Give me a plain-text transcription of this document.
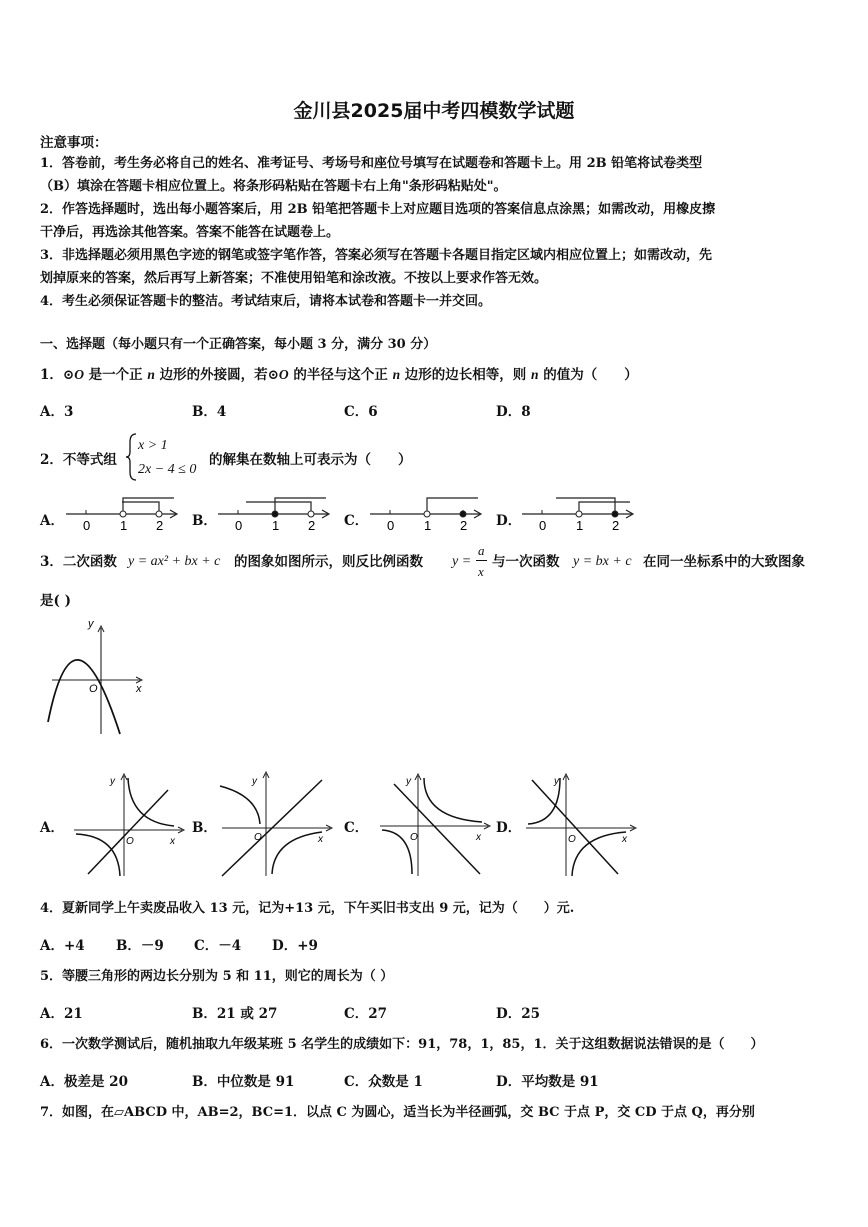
金川县2025届中考四模数学试题
注意事项：
1．答卷前，考生务必将自己的姓名、准考证号、考场号和座位号填写在试题卷和答题卡上。用 2B 铅笔将试卷类型
（B）填涂在答题卡相应位置上。将条形码粘贴在答题卡右上角"条形码粘贴处"。
2．作答选择题时，选出每小题答案后，用 2B 铅笔把答题卡上对应题目选项的答案信息点涂黑；如需改动，用橡皮擦
干净后，再选涂其他答案。答案不能答在试题卷上。
3．非选择题必须用黑色字迹的钢笔或签字笔作答，答案必须写在答题卡各题目指定区域内相应位置上；如需改动，先
划掉原来的答案，然后再写上新答案；不准使用铅笔和涂改液。不按以上要求作答无效。
4．考生必须保证答题卡的整洁。考试结束后，请将本试卷和答题卡一并交回。
一、选择题（每小题只有一个正确答案，每小题 3 分，满分 30 分）
1．⊙O 是一个正 n 边形的外接圆，若⊙O 的半径与这个正 n 边形的边长相等，则 n 的值为（　　）
A．3	B．4	C．6	D．8
2．不等式组
x > 1
2x − 4 ≤ 0
的解集在数轴上可表示为（　　）
A．	B．	C．	D．
0 1 2	0 1 2	0 1 2	0 1 2
3．二次函数 y = ax² + bx + c 的图象如图所示，则反比例函数 y =
a
x
与一次函数 y = bx + c 在同一坐标系中的大致图象
是( )
y
x
O
A．	B．	C．	D．
y
x
O
y
x
O
y
x
O
y
x
O
4．夏新同学上午卖废品收入 13 元，记为+13 元，下午买旧书支出 9 元，记为（　　）元.
A．+4 B．－9 C．－4 D．+9
5．等腰三角形的两边长分别为 5 和 11，则它的周长为（ ）
A．21	B．21 或 27	C．27	D．25
6．一次数学测试后，随机抽取九年级某班 5 名学生的成绩如下：91，78，1，85，1．关于这组数据说法错误的是（　　）
A．极差是 20	B．中位数是 91	C．众数是 1	D．平均数是 91
7．如图，在▱ABCD 中，AB=2，BC=1．以点 C 为圆心，适当长为半径画弧，交 BC 于点 P，交 CD 于点 Q，再分别
